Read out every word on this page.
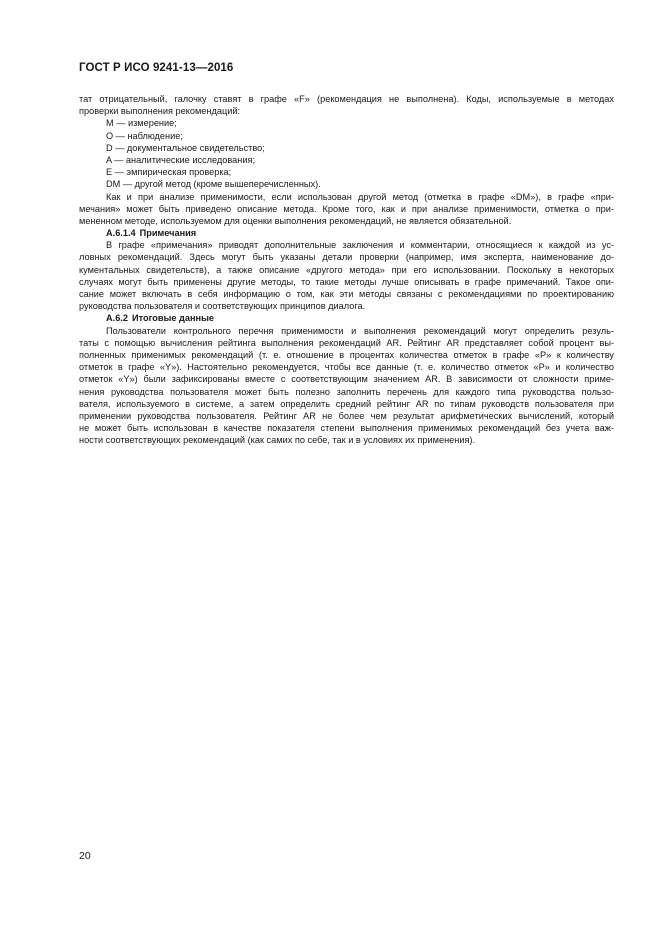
ГОСТ Р ИСО 9241-13—2016
тат отрицательный, галочку ставят в графе «F» (рекомендация не выполнена). Коды, используемые в методах
проверки выполнения рекомендаций:
M — измерение;
O — наблюдение;
D — документальное свидетельство;
A — аналитические исследования;
E — эмпирическая проверка;
DM — другой метод (кроме вышеперечисленных).
Как и при анализе применимости, если использован другой метод (отметка в графе «DM»), в графе «при-
мечания» может быть приведено описание метода. Кроме того, как и при анализе применимости, отметка о при-
мененном методе, используемом для оценки выполнения рекомендаций, не является обязательной.
А.6.1.4 Примечания
В графе «примечания» приводят дополнительные заключения и комментарии, относящиеся к каждой из ус-
ловных рекомендаций. Здесь могут быть указаны детали проверки (например, имя эксперта, наименование до-
кументальных свидетельств), а также описание «другого метода» при его использовании. Поскольку в некоторых
случаях могут быть применены другие методы, то такие методы лучше описывать в графе примечаний. Такое опи-
сание может включать в себя информацию о том, как эти методы связаны с рекомендациями по проектированию
руководства пользователя и соответствующих принципов диалога.
А.6.2 Итоговые данные
Пользователи контрольного перечня применимости и выполнения рекомендаций могут определить резуль-
таты с помощью вычисления рейтинга выполнения рекомендаций AR. Рейтинг AR представляет собой процент вы-
полненных применимых рекомендаций (т. е. отношение в процентах количества отметок в графе «P» к количеству
отметок в графе «Y»). Настоятельно рекомендуется, чтобы все данные (т. е. количество отметок «P» и количество
отметок «Y») были зафиксированы вместе с соответствующим значением AR. В зависимости от сложности приме-
нения руководства пользователя может быть полезно заполнить перечень для каждого типа руководства пользо-
вателя, используемого в системе, а затем определить средний рейтинг AR по типам руководств пользователя при
применении руководства пользователя. Рейтинг AR не более чем результат арифметических вычислений, который
не может быть использован в качестве показателя степени выполнения применимых рекомендаций без учета важ-
ности соответствующих рекомендаций (как самих по себе, так и в условиях их применения).
20
